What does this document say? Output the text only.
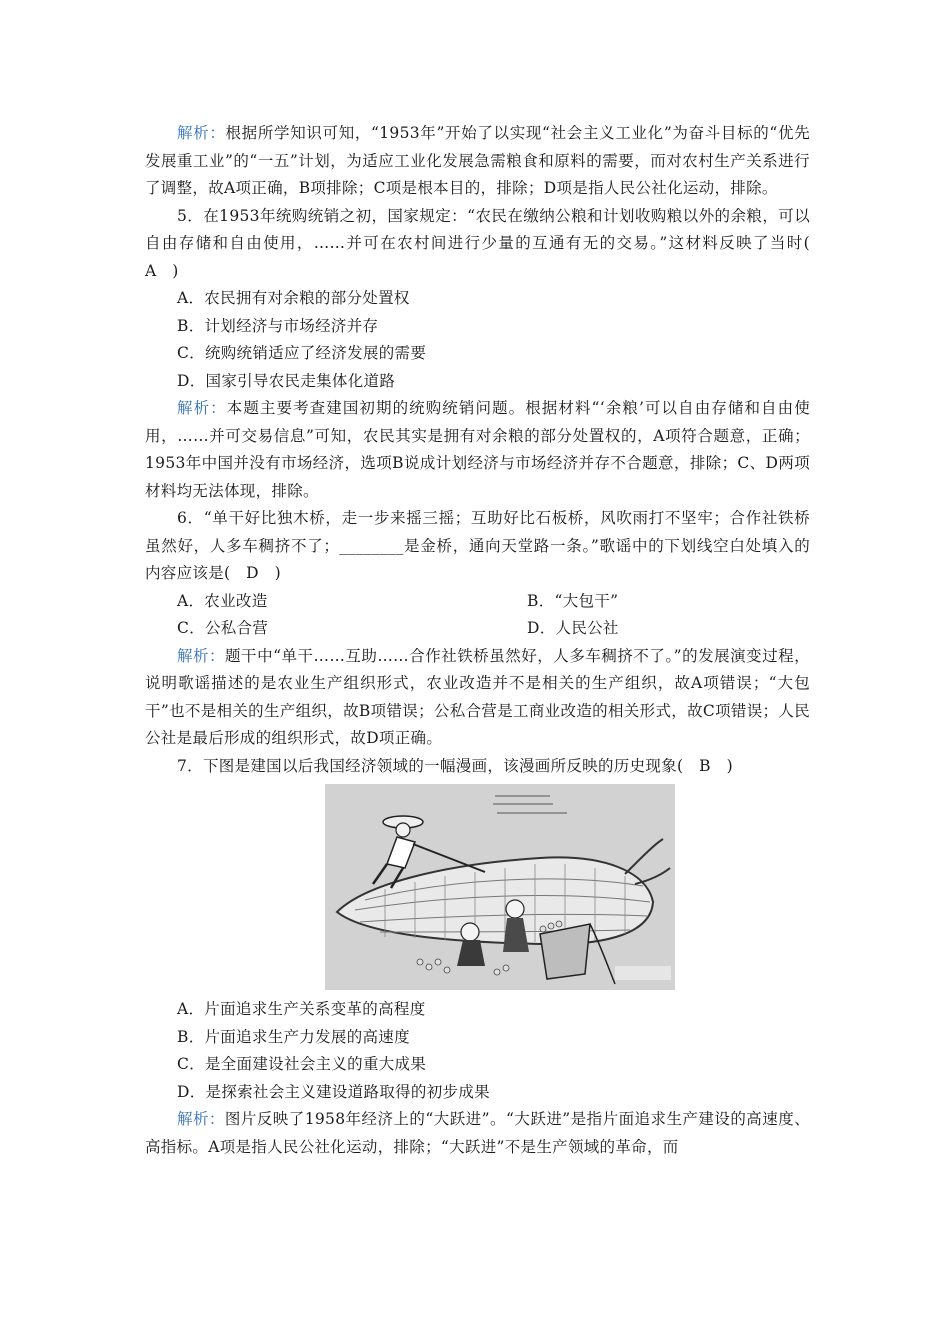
解析：根据所学知识可知，“1953年”开始了以实现“社会主义工业化”为奋斗目标的“优先发展重工业”的“一五”计划，为适应工业化发展急需粮食和原料的需要，而对农村生产关系进行了调整，故A项正确，B项排除；C项是根本目的，排除；D项是指人民公社化运动，排除。

5．在1953年统购统销之初，国家规定：“农民在缴纳公粮和计划收购粮以外的余粮，可以自由存储和自由使用，……并可在农村间进行少量的互通有无的交易。”这材料反映了当时(　A　)

A．农民拥有对余粮的部分处置权

B．计划经济与市场经济并存

C．统购统销适应了经济发展的需要

D．国家引导农民走集体化道路

解析：本题主要考查建国初期的统购统销问题。根据材料“‘余粮’可以自由存储和自由使用，……并可交易信息”可知，农民其实是拥有对余粮的部分处置权的，A项符合题意，正确；1953年中国并没有市场经济，选项B说成计划经济与市场经济并存不合题意，排除；C、D两项材料均无法体现，排除。

6．“单干好比独木桥，走一步来摇三摇；互助好比石板桥，风吹雨打不坚牢；合作社铁桥虽然好，人多车稠挤不了；________是金桥，通向天堂路一条。”歌谣中的下划线空白处填入的内容应该是(　D　)

A．农业改造	B．“大包干”

C．公私合营	D．人民公社

解析：题干中“单干……互助……合作社铁桥虽然好，人多车稠挤不了。”的发展演变过程，说明歌谣描述的是农业生产组织形式，农业改造并不是相关的生产组织，故A项错误；“大包干”也不是相关的生产组织，故B项错误；公私合营是工商业改造的相关形式，故C项错误；人民公社是最后形成的组织形式，故D项正确。

7．下图是建国以后我国经济领域的一幅漫画，该漫画所反映的历史现象(　B　)

A．片面追求生产关系变革的高程度

B．片面追求生产力发展的高速度

C．是全面建设社会主义的重大成果

D．是探索社会主义建设道路取得的初步成果

解析：图片反映了1958年经济上的“大跃进”。“大跃进”是指片面追求生产建设的高速度、高指标。A项是指人民公社化运动，排除；“大跃进”不是生产领域的革命，而
